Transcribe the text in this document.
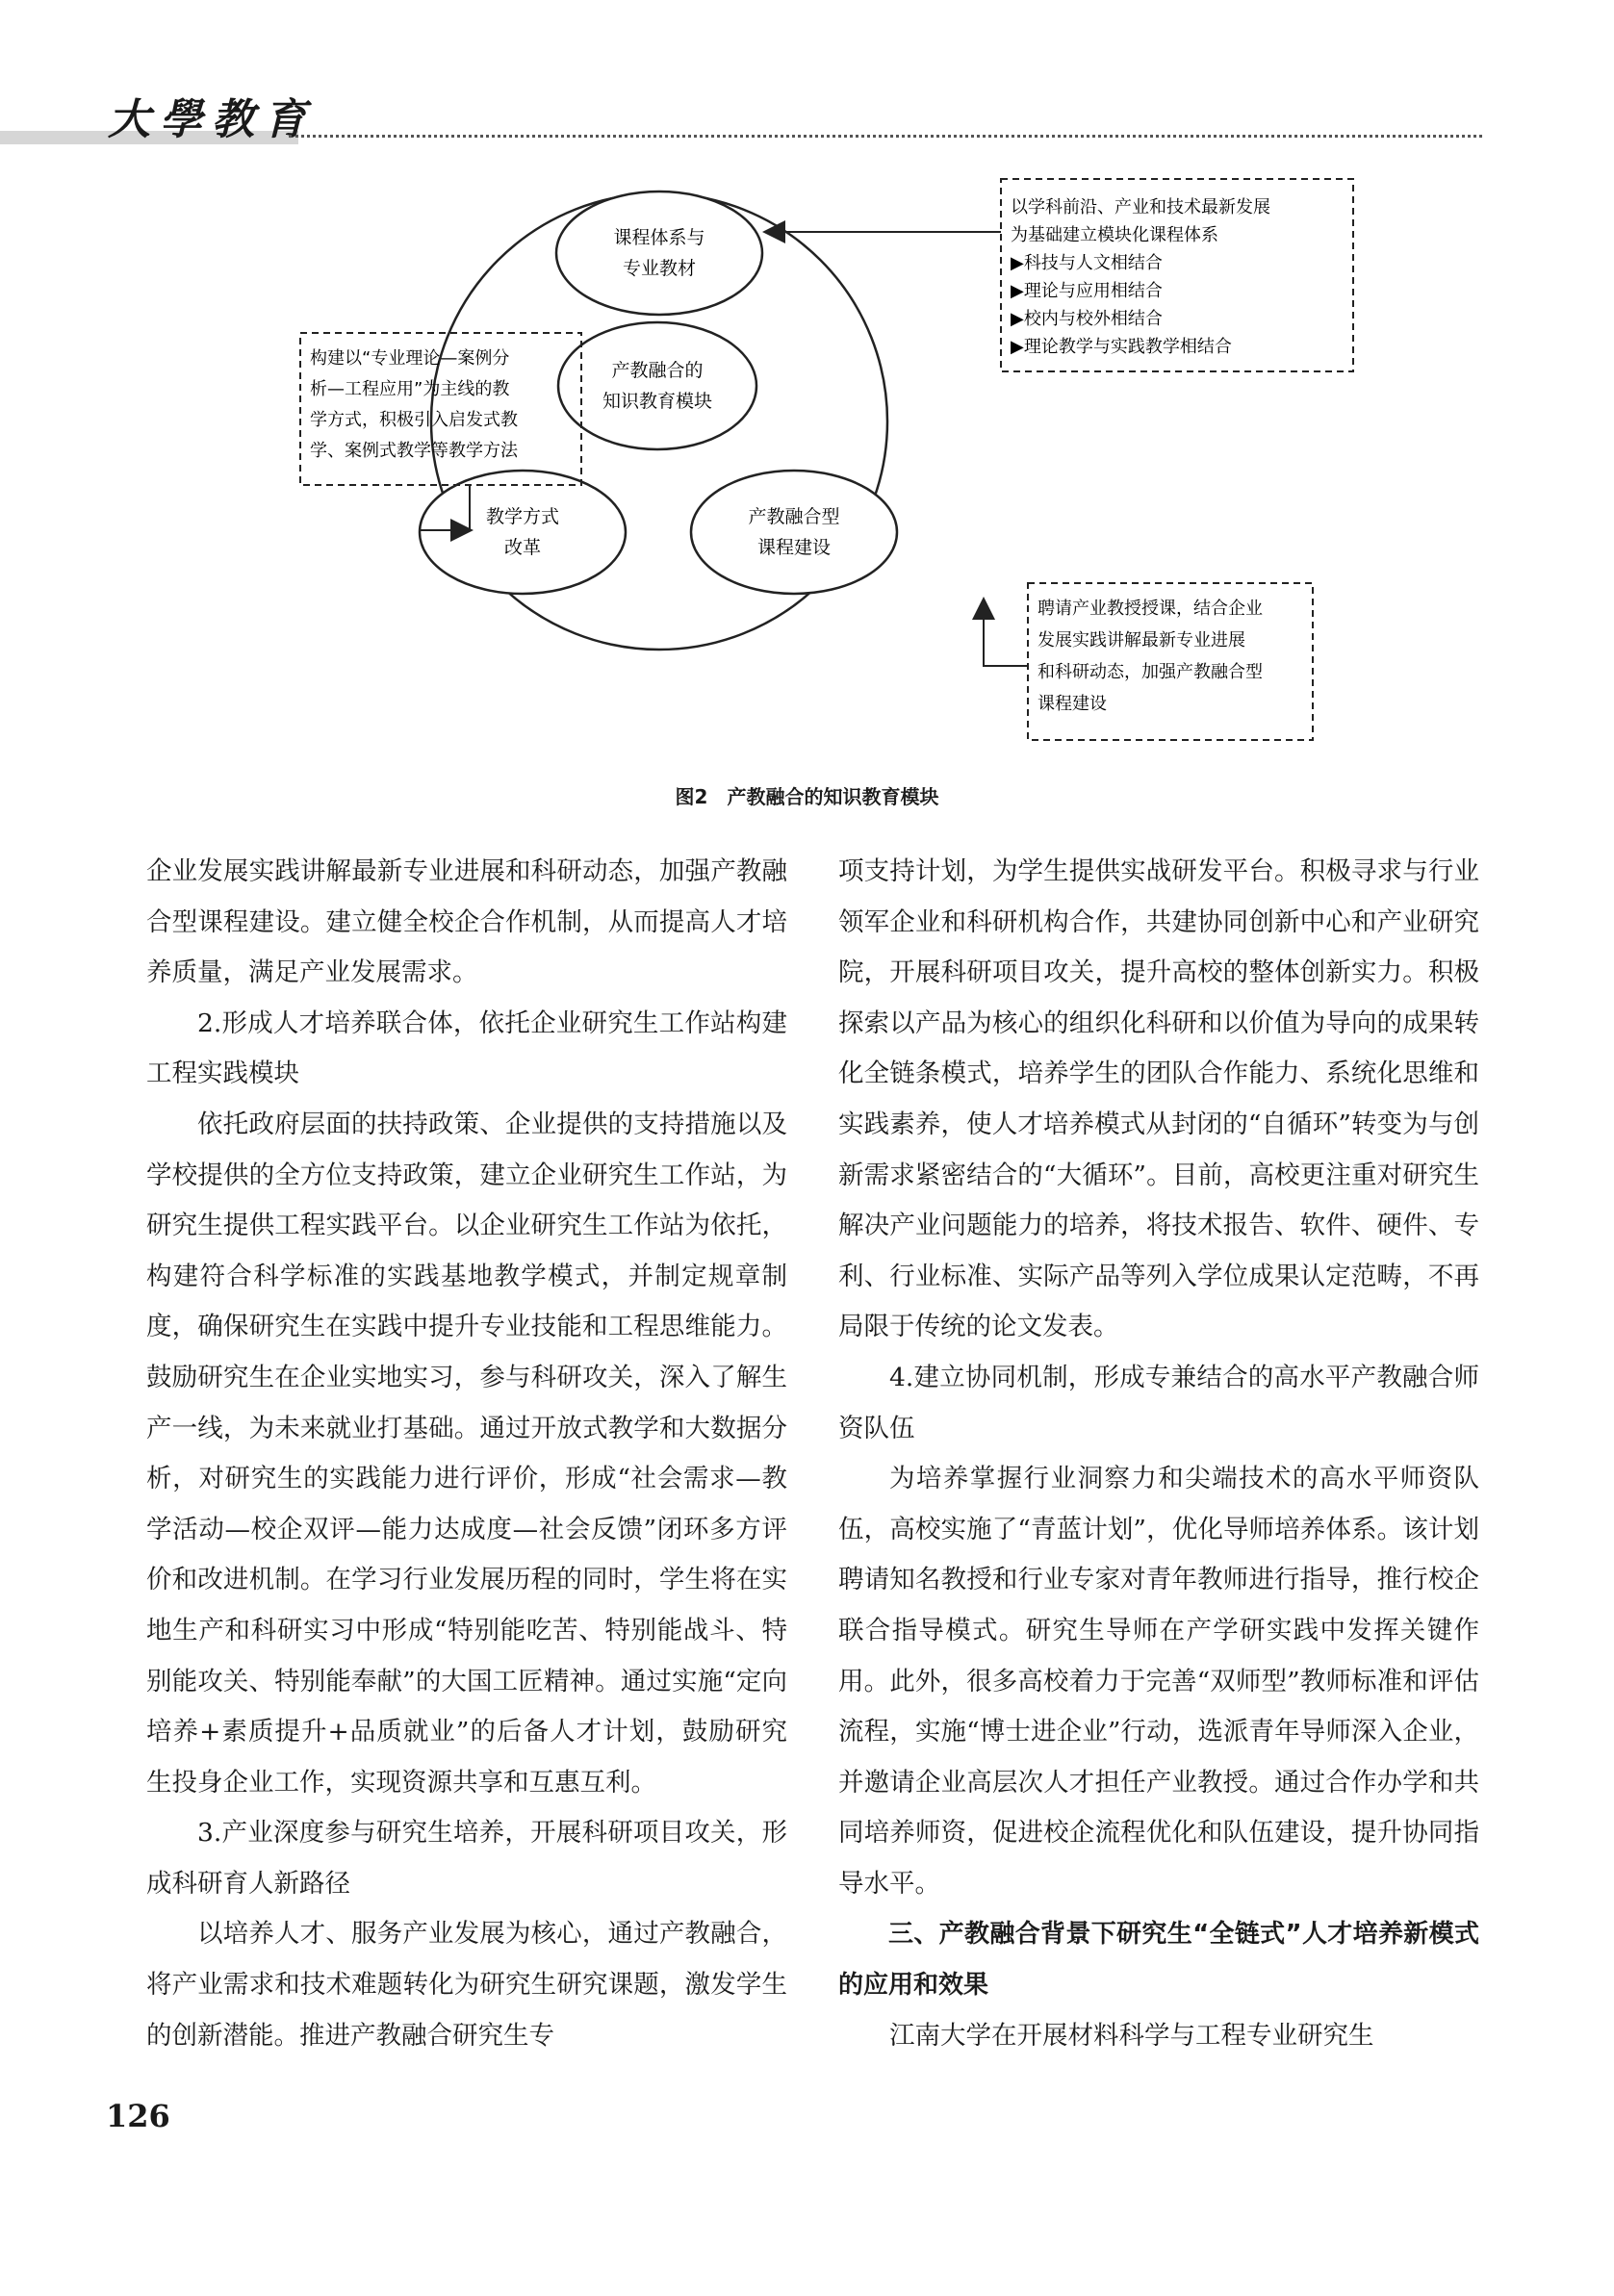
大學教育
产教融合的
知识教育模块
课程体系与
专业教材
教学方式
改革
产教融合型
课程建设
以学科前沿、产业和技术最新发展
为基础建立模块化课程体系
▶科技与人文相结合
▶理论与应用相结合
▶校内与校外相结合
▶理论教学与实践教学相结合
构建以“专业理论—案例分
析—工程应用”为主线的教
学方式，积极引入启发式教
学、案例式教学等教学方法
聘请产业教授授课，结合企业
发展实践讲解最新专业进展
和科研动态，加强产教融合型
课程建设
图2　产教融合的知识教育模块

企业发展实践讲解最新专业进展和科研动态，加强产教融合型课程建设。建立健全校企合作机制，从而提高人才培养质量，满足产业发展需求。

2.形成人才培养联合体，依托企业研究生工作站构建工程实践模块

依托政府层面的扶持政策、企业提供的支持措施以及学校提供的全方位支持政策，建立企业研究生工作站，为研究生提供工程实践平台。以企业研究生工作站为依托，构建符合科学标准的实践基地教学模式，并制定规章制度，确保研究生在实践中提升专业技能和工程思维能力。鼓励研究生在企业实地实习，参与科研攻关，深入了解生产一线，为未来就业打基础。通过开放式教学和大数据分析，对研究生的实践能力进行评价，形成“社会需求—教学活动—校企双评—能力达成度—社会反馈”闭环多方评价和改进机制。在学习行业发展历程的同时，学生将在实地生产和科研实习中形成“特别能吃苦、特别能战斗、特别能攻关、特别能奉献”的大国工匠精神。通过实施“定向培养+素质提升+品质就业”的后备人才计划，鼓励研究生投身企业工作，实现资源共享和互惠互利。

3.产业深度参与研究生培养，开展科研项目攻关，形成科研育人新路径

以培养人才、服务产业发展为核心，通过产教融合，将产业需求和技术难题转化为研究生研究课题，激发学生的创新潜能。推进产教融合研究生专

项支持计划，为学生提供实战研发平台。积极寻求与行业领军企业和科研机构合作，共建协同创新中心和产业研究院，开展科研项目攻关，提升高校的整体创新实力。积极探索以产品为核心的组织化科研和以价值为导向的成果转化全链条模式，培养学生的团队合作能力、系统化思维和实践素养，使人才培养模式从封闭的“自循环”转变为与创新需求紧密结合的“大循环”。目前，高校更注重对研究生解决产业问题能力的培养，将技术报告、软件、硬件、专利、行业标准、实际产品等列入学位成果认定范畴，不再局限于传统的论文发表。

4.建立协同机制，形成专兼结合的高水平产教融合师资队伍

为培养掌握行业洞察力和尖端技术的高水平师资队伍，高校实施了“青蓝计划”，优化导师培养体系。该计划聘请知名教授和行业专家对青年教师进行指导，推行校企联合指导模式。研究生导师在产学研实践中发挥关键作用。此外，很多高校着力于完善“双师型”教师标准和评估流程，实施“博士进企业”行动，选派青年导师深入企业，并邀请企业高层次人才担任产业教授。通过合作办学和共同培养师资，促进校企流程优化和队伍建设，提升协同指导水平。

三、产教融合背景下研究生“全链式”人才培养新模式的应用和效果

江南大学在开展材料科学与工程专业研究生

126
